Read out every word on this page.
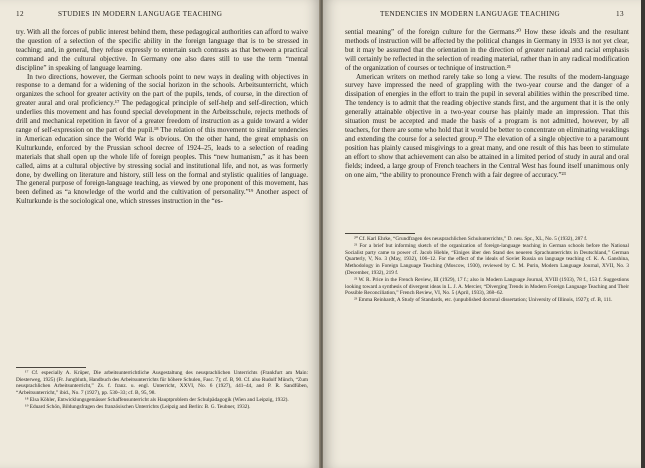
12	STUDIES IN MODERN LANGUAGE TEACHING

try. With all the forces of public interest behind them, these pedagogical authorities can afford to waive the question of a selection of the specific ability in the foreign language that is to be stressed in teaching; and, in general, they refuse expressly to entertain such contrasts as that between a practical command and the cultural objective. In Germany one also dares still to use the term “mental discipline” in speaking of language learning.

In two directions, however, the German schools point to new ways in dealing with objectives in response to a demand for a widening of the social horizon in the schools. Arbeitsunterricht, which organizes the school for greater activity on the part of the pupils, tends, of course, in the direction of greater aural and oral proficiency.¹⁷ The pedagogical principle of self-help and self-direction, which underlies this movement and has found special development in the Arbeitsschule, rejects methods of drill and mechanical repetition in favor of a greater freedom of instruction as a guide toward a wider range of self-expression on the part of the pupil.¹⁸ The relation of this movement to similar tendencies in American education since the World War is obvious. On the other hand, the great emphasis on Kulturkunde, enforced by the Prussian school decree of 1924–25, leads to a selection of reading materials that shall open up the whole life of foreign peoples. This “new humanism,” as it has been called, aims at a cultural objective by stressing social and institutional life, and not, as was formerly done, by dwelling on literature and history, still less on the formal and stylistic qualities of language. The general purpose of foreign-language teaching, as viewed by one proponent of this movement, has been defined as “a knowledge of the world and the cultivation of personality.”¹⁹ Another aspect of Kulturkunde is the sociological one, which stresses instruction in the “es-

¹⁷ Cf. especially A. Krüper, Die arbeitsunterrichtliche Ausgestaltung des neusprachlichen Unterrichts (Frankfurt am Main: Diesterweg, 1925) (Fr. Jungbluth, Handbuch des Arbeitsunterrichts für höhere Schulen, Fasc. 7); cf. B, 90. Cf. also Rudolf Münch, “Zum neusprachlichen Arbeitsunterricht,” Zs. f. franz. u. engl. Unterricht, XXVI, No. 6 (1927), 441–44, and P. R. Sandfüben, “Arbeitsunterricht,” ibid., No. 7 (1927), pp. 530–33; cf. B, 95, 98.

¹⁸ Elsa Köhler, Entwicklungsgemässer Schaffensunterricht als Hauptproblem der Schulpädagogik (Wien and Leipzig, 1932).

¹⁹ Eduard Schön, Bildungsfragen des französischen Unterrichts (Leipzig and Berlin: B. G. Teubner, 1932).

TENDENCIES IN MODERN LANGUAGE TEACHING	13

sential meaning” of the foreign culture for the Germans.²⁰ How these ideals and the resultant methods of instruction will be affected by the political changes in Germany in 1933 is not yet clear, but it may be assumed that the orientation in the direction of greater national and racial emphasis will certainly be reflected in the selection of reading material, rather than in any radical modification of the organization of courses or technique of instruction.²¹

American writers on method rarely take so long a view. The results of the modern-language survey have impressed the need of grappling with the two-year course and the danger of a dissipation of energies in the effort to train the pupil in several abilities within the prescribed time. The tendency is to admit that the reading objective stands first, and the argument that it is the only generally attainable objective in a two-year course has plainly made an impression. That this situation must be accepted and made the basis of a program is not admitted, however, by all teachers, for there are some who hold that it would be better to concentrate on eliminating weaklings and extending the course for a selected group.²² The elevation of a single objective to a paramount position has plainly caused misgivings to a great many, and one result of this has been to stimulate an effort to show that achievement can also be attained in a limited period of study in aural and oral fields; indeed, a large group of French teachers in the Central West has found itself unanimous only on one aim, “the ability to pronounce French with a fair degree of accuracy.”²³

²⁰ Cf. Karl Ehrke, “Grundfragen des neusprachlichen Schulunterrichts,” D. neu. Spr., XL, No. 5 (1932), 287 f.

²¹ For a brief but informing sketch of the organization of foreign-language teaching in German schools before the National Socialist party came to power cf. Jacob Hiehle, “Einiges über den Stand des neueren Sprachunterrichts in Deutschland,” German Quarterly, V, No. 3 (May, 1932), 106–12. For the effect of the ideals of Soviet Russia on language teaching cf. K. A. Ganshina, Methodology in Foreign Language Teaching (Moscow, 1930), reviewed by C. M. Purin, Modern Language Journal, XVII, No. 3 (December, 1932), 219 f.

²² W. R. Price in the French Review, III (1929), 17 f.; also in Modern Language Journal, XVIII (1933), 78 f., 153 f. Suggestions looking toward a synthesis of divergent ideas in L. J. A. Mercier, “Diverging Trends in Modern Foreign Language Teaching and Their Possible Reconciliation,” French Review, VI, No. 5 (April, 1933), 368–62.

²³ Emma Reinhardt, A Study of Standards, etc. (unpublished doctoral dissertation; University of Illinois, 1927); cf. B, 111.
